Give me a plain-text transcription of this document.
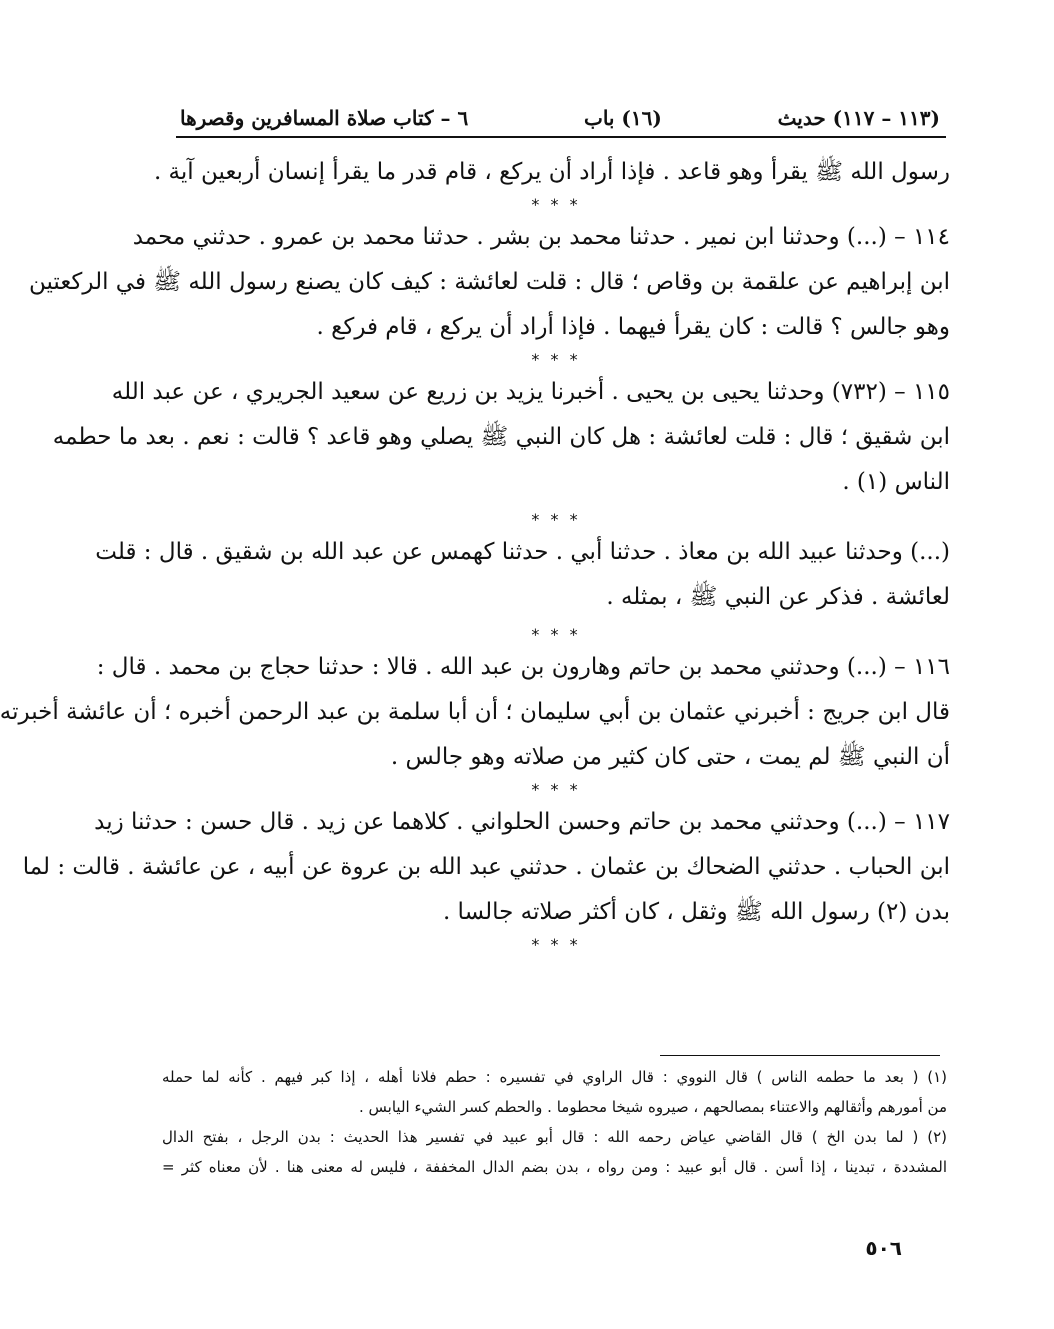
(١١٣ – ١١٧) حديث
(١٦) باب
٦ – كتاب صلاة المسافرين وقصرها
رسول الله ﷺ يقرأ وهو قاعد . فإذا أراد أن يركع ، قام قدر ما يقرأ إنسان أربعين آية .
* * *
١١٤ – (...) وحدثنا ابن نمير . حدثنا محمد بن بشر . حدثنا محمد بن عمرو . حدثني محمد
ابن إبراهيم عن علقمة بن وقاص ؛ قال : قلت لعائشة : كيف كان يصنع رسول الله ﷺ في الركعتين
وهو جالس ؟ قالت : كان يقرأ فيهما . فإذا أراد أن يركع ، قام فركع .
* * *
١١٥ – (٧٣٢) وحدثنا يحيى بن يحيى . أخبرنا يزيد بن زريع عن سعيد الجريري ، عن عبد الله
ابن شقيق ؛ قال : قلت لعائشة : هل كان النبي ﷺ يصلي وهو قاعد ؟ قالت : نعم . بعد ما حطمه
الناس (١) .
* * *
(...) وحدثنا عبيد الله بن معاذ . حدثنا أبي . حدثنا كهمس عن عبد الله بن شقيق . قال : قلت
لعائشة . فذكر عن النبي ﷺ ، بمثله .
* * *
١١٦ – (...) وحدثني محمد بن حاتم وهارون بن عبد الله . قالا : حدثنا حجاج بن محمد . قال :
قال ابن جريج : أخبرني عثمان بن أبي سليمان ؛ أن أبا سلمة بن عبد الرحمن أخبره ؛ أن عائشة أخبرته
أن النبي ﷺ لم يمت ، حتى كان كثير من صلاته وهو جالس .
* * *
١١٧ – (...) وحدثني محمد بن حاتم وحسن الحلواني . كلاهما عن زيد . قال حسن : حدثنا زيد
ابن الحباب . حدثني الضحاك بن عثمان . حدثني عبد الله بن عروة عن أبيه ، عن عائشة . قالت : لما
بدن (٢) رسول الله ﷺ وثقل ، كان أكثر صلاته جالسا .
* * *
(١) ( بعد ما حطمه الناس ) قال النووي : قال الراوي في تفسيره : حطم فلانا أهله ، إذا كبر فيهم . كأنه لما حمله
من أمورهم وأثقالهم والاعتناء بمصالحهم ، صيروه شيخا محطوما . والحطم كسر الشيء اليابس .
(٢) ( لما بدن الخ ) قال القاضي عياض رحمه الله : قال أبو عبيد في تفسير هذا الحديث : بدن الرجل ، بفتح الدال
المشددة ، تبدينا ، إذا أسن . قال أبو عبيد : ومن رواه ، بدن بضم الدال المخففة ، فليس له معنى هنا . لأن معناه كثر =
٥٠٦
